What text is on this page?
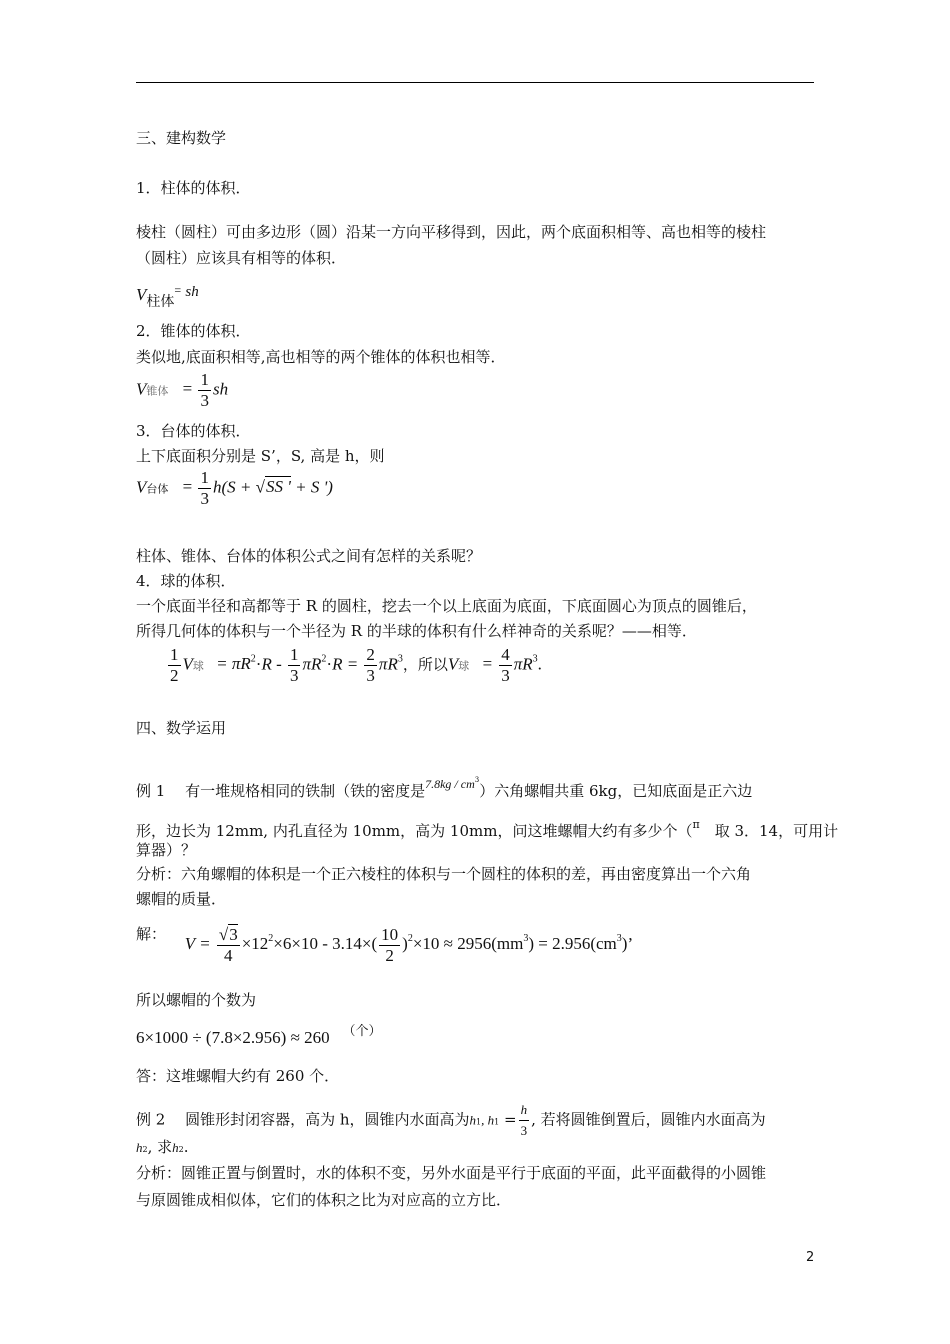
三、建构数学
1．柱体的体积．
棱柱（圆柱）可由多边形（圆）沿某一方向平移得到，因此，两个底面积相等、高也相等的棱柱
（圆柱）应该具有相等的体积．
$V_{柱体}^=$ sh
2．锥体的体积．
类似地,底面积相等,高也相等的两个锥体的体积也相等．
V锥体 = $\frac{1}{3}$ sh
3．台体的体积．
上下底面积分别是 S’，S, 高是 h，则
V台体 = $\frac{1}{3} h(S + √SS$ ' + S ')
柱体、锥体、台体的体积公式之间有怎样的关系呢？
4．球的体积．
一个底面半径和高都等于 R 的圆柱，挖去一个以上底面为底面，下底面圆心为顶点的圆锥后，
所得几何体的体积与一个半径为 R 的半球的体积有什么样神奇的关系呢？——相等．
$\frac{1}{2}$ V球 = $\pi R^2\cdot R - \frac{1}{3} \pi R^2\cdot R = \frac{2}{3} \pi R^3$，所以V球 = $\frac{4}{3} \pi R^3$.
四、数学运用
例 1　 有一堆规格相同的铁制（铁的密度是$^{7.8kg / cm3}$）六角螺帽共重 6kg，已知底面是正六边
形，边长为 12mm, 内孔直径为 10mm，高为 10mm，问这堆螺帽大约有多少个（$^\pi$　 取 3．14，可用计
算器）？
分析：六角螺帽的体积是一个正六棱柱的体积与一个圆柱的体积的差，再由密度算出一个六角
螺帽的质量．
解： $V = \frac{√3}{4} \times 12^2\times 6\times 10 - 3.14\times( \frac{10}{2} )^2\times 10 \approx 2956(mm^3) = 2.956(cm^3)$’
所以螺帽的个数为
6×1000 ÷ (7.8×2.956) ≈ 260 （个）
答：这堆螺帽大约有 260 个．
例 2　 圆锥形封闭容器，高为 h，圆锥内水面高为h1, $h1 = \frac{h}{3}$ , 若将圆锥倒置后，圆锥内水面高为
h2, 求h2.
分析：圆锥正置与倒置时，水的体积不变，另外水面是平行于底面的平面，此平面截得的小圆锥
与原圆锥成相似体，它们的体积之比为对应高的立方比．
2
